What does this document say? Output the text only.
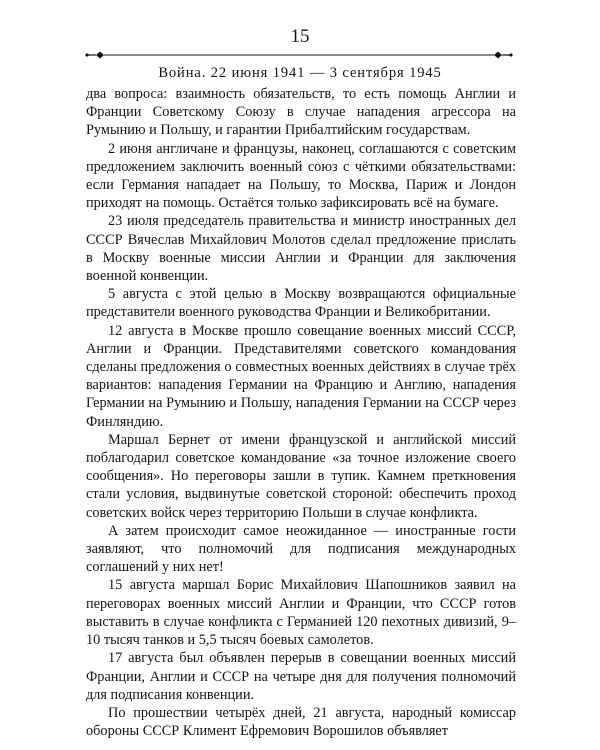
15
Война. 22 июня 1941 — 3 сентября 1945

два вопроса: взаимность обязательств, то есть помощь Англии и Франции Советскому Союзу в случае нападения агрессора на Румынию и Польшу, и гарантии Прибалтийским государствам.

2 июня англичане и французы, наконец, соглашаются с советским предложением заключить военный союз с чёткими обязательствами: если Германия нападает на Польшу, то Москва, Париж и Лондон приходят на помощь. Остаётся только зафиксировать всё на бумаге.

23 июля председатель правительства и министр иностранных дел СССР Вячеслав Михайлович Молотов сделал предложение прислать в Москву военные миссии Англии и Франции для заключения военной конвенции.

5 августа с этой целью в Москву возвращаются официальные представители военного руководства Франции и Великобритании.

12 августа в Москве прошло совещание военных миссий СССР, Англии и Франции. Представителями советского командования сделаны предложения о совместных военных действиях в случае трёх вариантов: нападения Германии на Францию и Англию, нападения Германии на Румынию и Польшу, нападения Германии на СССР через Финляндию.

Маршал Бернет от имени французской и английской миссий поблагодарил советское командование «за точное изложение своего сообщения». Но переговоры зашли в тупик. Камнем преткновения стали условия, выдвинутые советской стороной: обеспечить проход советских войск через территорию Польши в случае конфликта.

А затем происходит самое неожиданное — иностранные гости заявляют, что полномочий для подписания международных соглашений у них нет!

15 августа маршал Борис Михайлович Шапошников заявил на переговорах военных миссий Англии и Франции, что СССР готов выставить в случае конфликта с Германией 120 пехотных дивизий, 9–10 тысяч танков и 5,5 тысяч боевых самолетов.

17 августа был объявлен перерыв в совещании военных миссий Франции, Англии и СССР на четыре дня для получения полномочий для подписания конвенции.

По прошествии четырёх дней, 21 августа, народный комиссар обороны СССР Климент Ефремович Ворошилов объявляет
